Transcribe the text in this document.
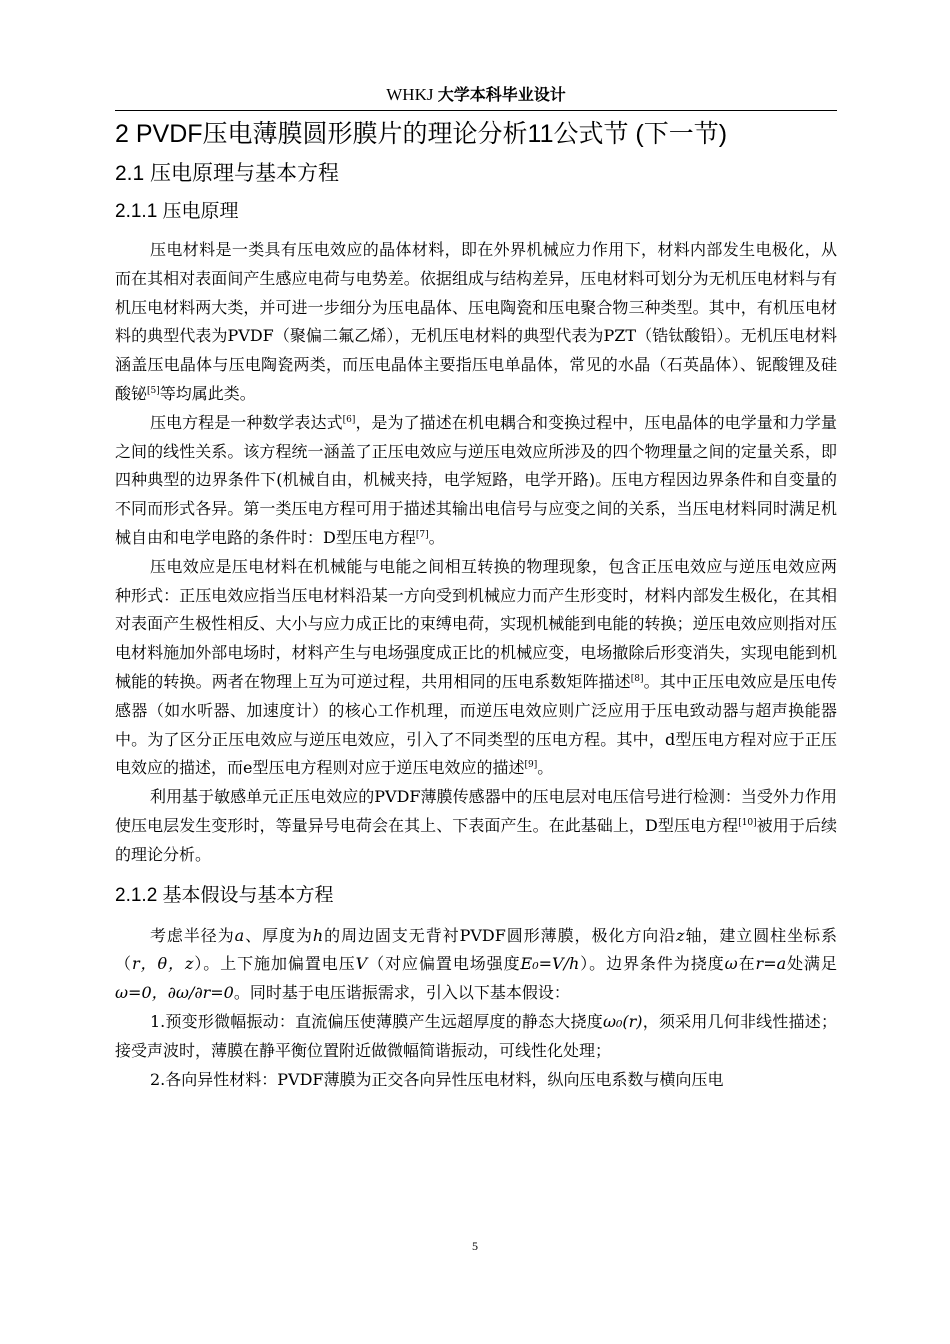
WHKJ 大学本科毕业设计
2 PVDF压电薄膜圆形膜片的理论分析11公式节 (下一节)
2.1 压电原理与基本方程
2.1.1 压电原理

压电材料是一类具有压电效应的晶体材料，即在外界机械应力作用下，材料内部发生电极化，从而在其相对表面间产生感应电荷与电势差。依据组成与结构差异，压电材料可划分为无机压电材料与有机压电材料两大类，并可进一步细分为压电晶体、压电陶瓷和压电聚合物三种类型。其中，有机压电材料的典型代表为PVDF（聚偏二氟乙烯），无机压电材料的典型代表为PZT（锆钛酸铅）。无机压电材料涵盖压电晶体与压电陶瓷两类，而压电晶体主要指压电单晶体，常见的水晶（石英晶体）、铌酸锂及硅酸铋[5]等均属此类。

压电方程是一种数学表达式[6]，是为了描述在机电耦合和变换过程中，压电晶体的电学量和力学量之间的线性关系。该方程统一涵盖了正压电效应与逆压电效应所涉及的四个物理量之间的定量关系，即四种典型的边界条件下(机械自由，机械夹持，电学短路，电学开路)。压电方程因边界条件和自变量的不同而形式各异。第一类压电方程可用于描述其输出电信号与应变之间的关系，当压电材料同时满足机械自由和电学电路的条件时：D型压电方程[7]。

压电效应是压电材料在机械能与电能之间相互转换的物理现象，包含正压电效应与逆压电效应两种形式：正压电效应指当压电材料沿某一方向受到机械应力而产生形变时，材料内部发生极化，在其相对表面产生极性相反、大小与应力成正比的束缚电荷，实现机械能到电能的转换；逆压电效应则指对压电材料施加外部电场时，材料产生与电场强度成正比的机械应变，电场撤除后形变消失，实现电能到机械能的转换。两者在物理上互为可逆过程，共用相同的压电系数矩阵描述[8]。其中正压电效应是压电传感器（如水听器、加速度计）的核心工作机理，而逆压电效应则广泛应用于压电致动器与超声换能器中。为了区分正压电效应与逆压电效应，引入了不同类型的压电方程。其中，d型压电方程对应于正压电效应的描述，而e型压电方程则对应于逆压电效应的描述[9]。

利用基于敏感单元正压电效应的PVDF薄膜传感器中的压电层对电压信号进行检测：当受外力作用使压电层发生变形时，等量异号电荷会在其上、下表面产生。在此基础上，D型压电方程[10]被用于后续的理论分析。

2.1.2 基本假设与基本方程

考虑半径为a、厚度为h的周边固支无背衬PVDF圆形薄膜，极化方向沿z轴，建立圆柱坐标系（r，θ，z）。上下施加偏置电压V（对应偏置电场强度E₀=V/h）。边界条件为挠度ω在r=a处满足ω=0，∂ω/∂r=0。同时基于电压谐振需求，引入以下基本假设：

1.预变形微幅振动：直流偏压使薄膜产生远超厚度的静态大挠度ω₀(r)，须采用几何非线性描述；接受声波时，薄膜在静平衡位置附近做微幅简谐振动，可线性化处理；

2.各向异性材料：PVDF薄膜为正交各向异性压电材料，纵向压电系数与横向压电

5
